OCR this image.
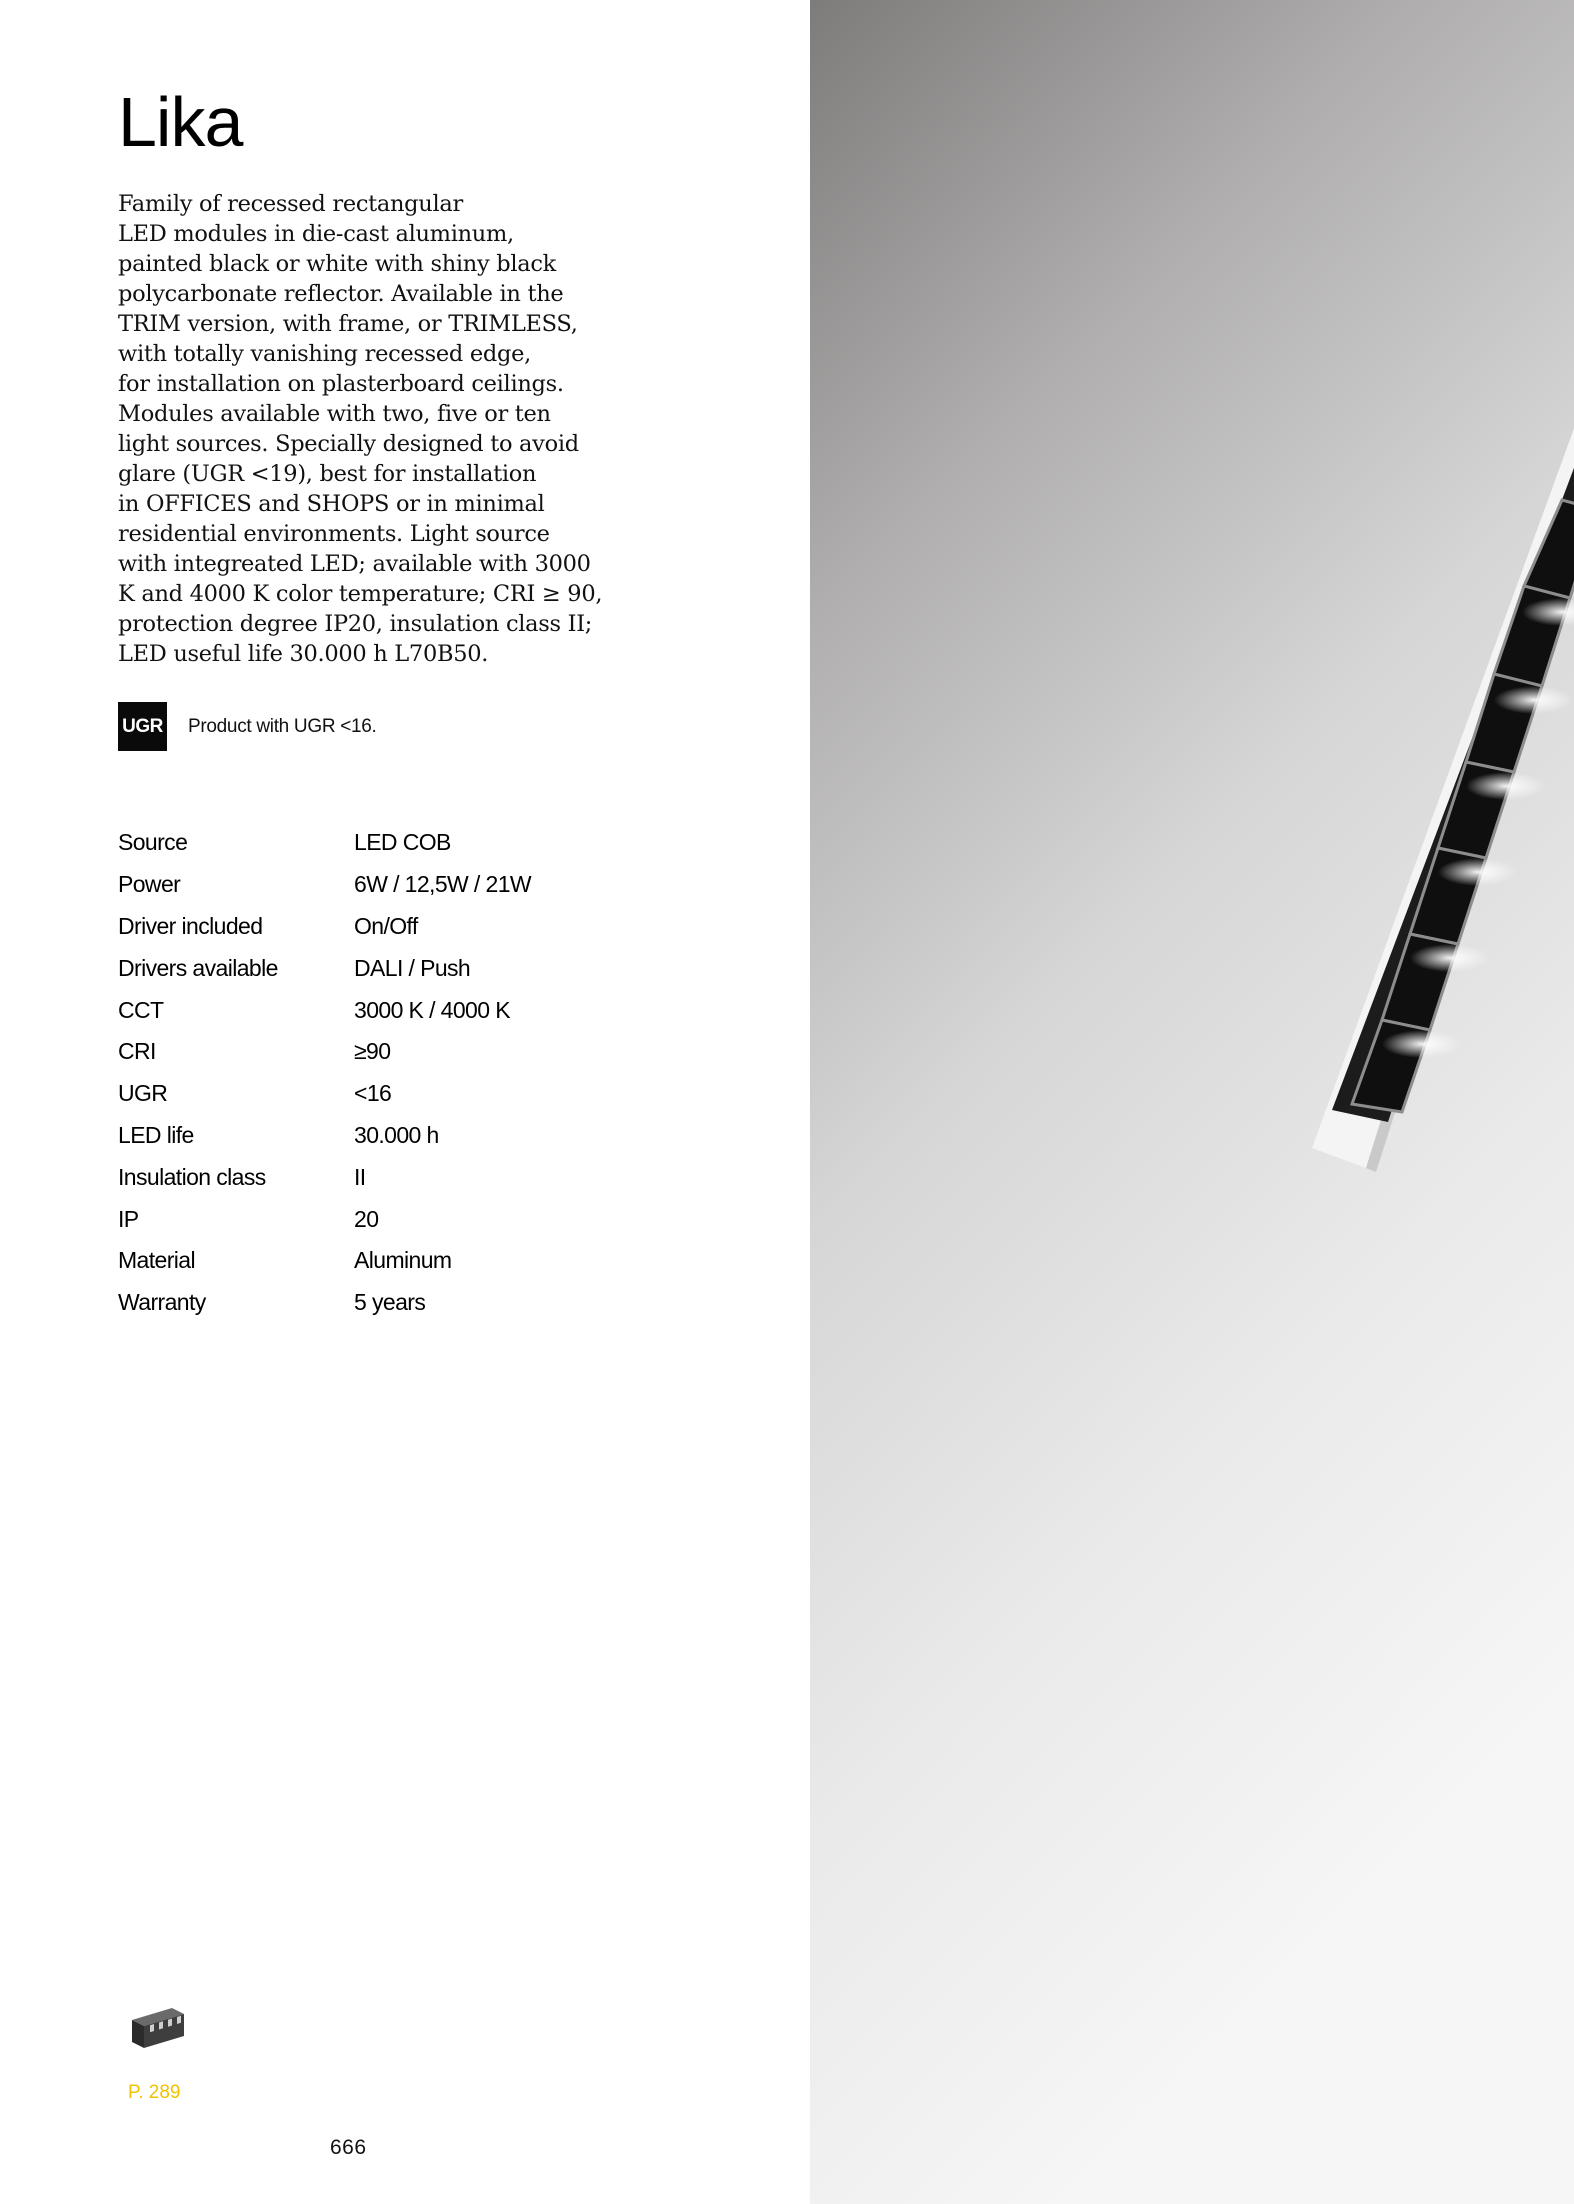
Lika
Family of recessed rectangular
LED modules in die-cast aluminum,
painted black or white with shiny black
polycarbonate reflector. Available in the
TRIM version, with frame, or TRIMLESS,
with totally vanishing recessed edge,
for installation on plasterboard ceilings.
Modules available with two, five or ten
light sources. Specially designed to avoid
glare (UGR <19), best for installation
in OFFICES and SHOPS or in minimal
residential environments. Light source
with integreated LED; available with 3000
K and 4000 K color temperature; CRI ≥ 90,
protection degree IP20, insulation class II;
LED useful life 30.000 h L70B50.
UGR Product with UGR <16.
Source	LED COB
Power	6W / 12,5W / 21W
Driver included	On/Off
Drivers available	DALI / Push
CCT	3000 K / 4000 K
CRI	≥90
UGR	<16
LED life	30.000 h
Insulation class	II
IP	20
Material	Aluminum
Warranty	5 years
P. 289
666
